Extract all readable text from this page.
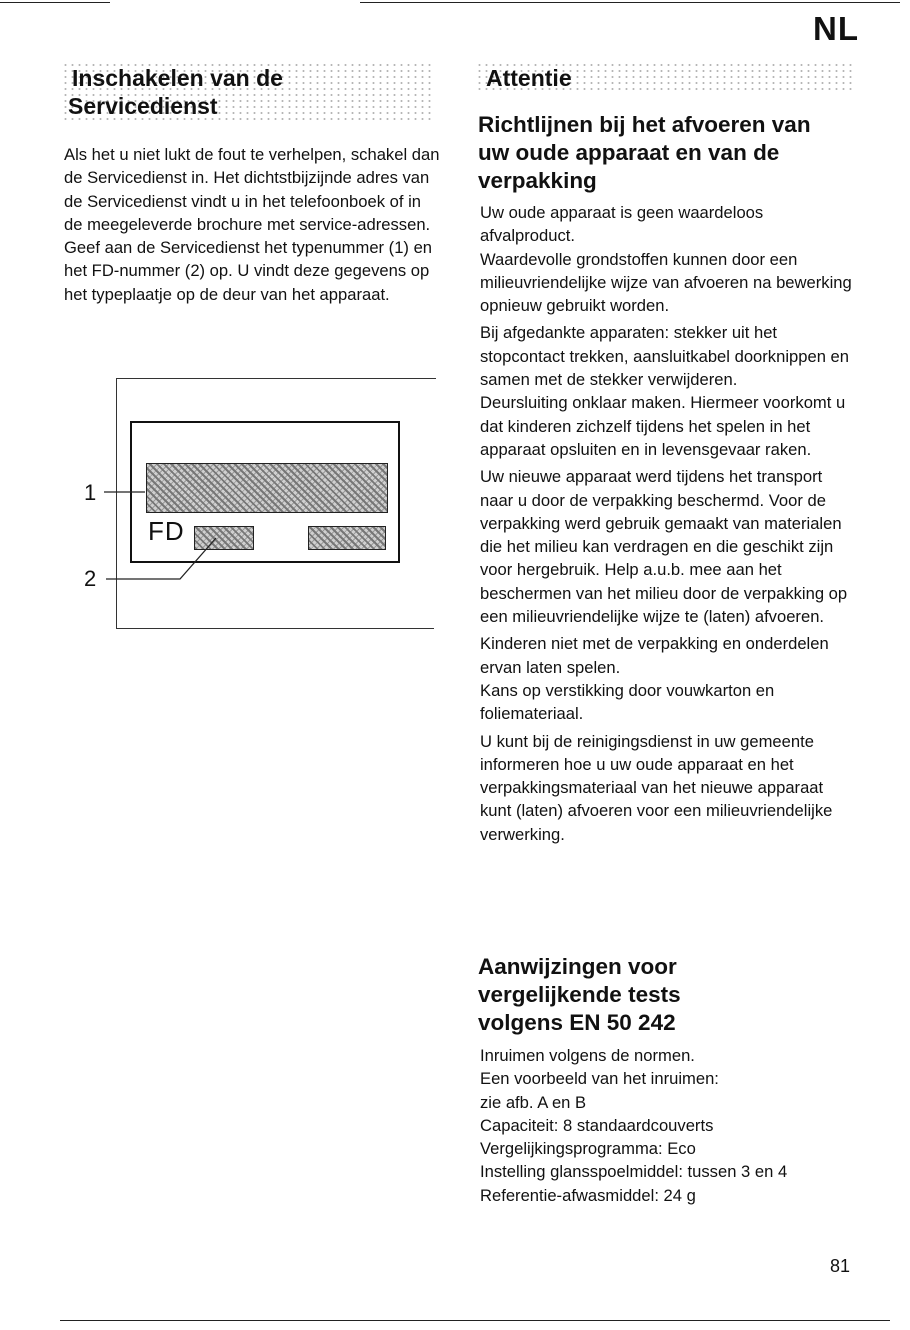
NL
Inschakelen van de
Servicedienst

Als het u niet lukt de fout te verhelpen, schakel dan de Servicedienst in. Het dichtstbijzijnde adres van de Servicedienst vindt u in het telefoonboek of in de meegeleverde brochure met service-adressen. Geef aan de Servicedienst het typenummer (1) en het FD-nummer (2) op. U vindt deze gegevens op het typeplaatje op de deur van het apparaat.

FD
1
2
Attentie
Richtlijnen bij het afvoeren van uw oude apparaat en van de verpakking

Uw oude apparaat is geen waardeloos afvalproduct.

Waardevolle grondstoffen kunnen door een milieuvriendelijke wijze van afvoeren na bewerking opnieuw gebruikt worden.

Bij afgedankte apparaten: stekker uit het stopcontact trekken, aansluitkabel doorknippen en samen met de stekker verwijderen.

Deursluiting onklaar maken. Hiermeer voorkomt u dat kinderen zichzelf tijdens het spelen in het apparaat opsluiten en in levensgevaar raken.

Uw nieuwe apparaat werd tijdens het transport naar u door de verpakking beschermd. Voor de verpakking werd gebruik gemaakt van materialen die het milieu kan verdragen en die geschikt zijn voor hergebruik. Help a.u.b. mee aan het beschermen van het milieu door de verpakking op een milieuvriendelijke wijze te (laten) afvoeren.

Kinderen niet met de verpakking en onderdelen ervan laten spelen.

Kans op verstikking door vouwkarton en foliemateriaal.

U kunt bij de reinigingsdienst in uw gemeente informeren hoe u uw oude apparaat en het verpakkingsmateriaal van het nieuwe apparaat kunt (laten) afvoeren voor een milieuvriendelijke verwerking.

Aanwijzingen voor vergelijkende tests volgens EN 50 242
Inruimen volgens de normen.
Een voorbeeld van het inruimen:
zie afb. A en B
Capaciteit: 8 standaardcouverts
Vergelijkingsprogramma: Eco
Instelling glansspoelmiddel: tussen 3 en 4
Referentie-afwasmiddel: 24 g
81
